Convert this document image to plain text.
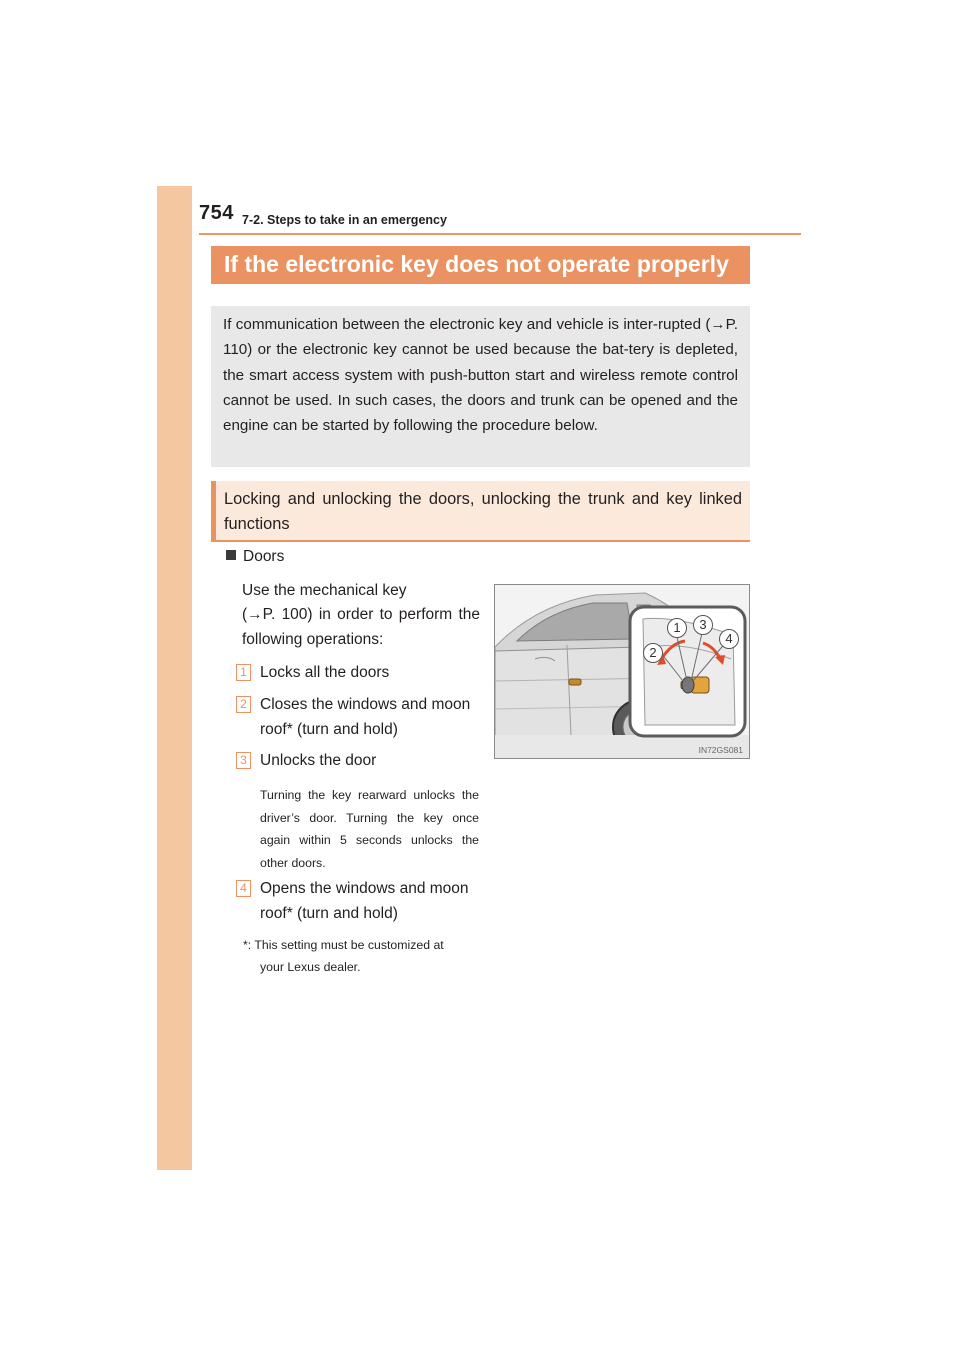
754 7-2. Steps to take in an emergency
If the electronic key does not operate properly

If communication between the electronic key and vehicle is inter-rupted (→P. 110) or the electronic key cannot be used because the bat-tery is depleted, the smart access system with push-button start and wireless remote control cannot be used. In such cases, the doors and trunk can be opened and the engine can be started by following the procedure below.

Locking and unlocking the doors, unlocking the trunk and key linked functions

Doors
Use the mechanical key
(→P. 100) in order to perform the following operations:
1 Locks all the doors
2 Closes the windows and moon roof* (turn and hold)
3 Unlocks the door
Turning the key rearward unlocks the driver’s door. Turning the key once again within 5 seconds unlocks the other doors.
4 Opens the windows and moon roof* (turn and hold)
*: This setting must be customized at
your Lexus dealer.
1
2
3
4
IN72GS081
